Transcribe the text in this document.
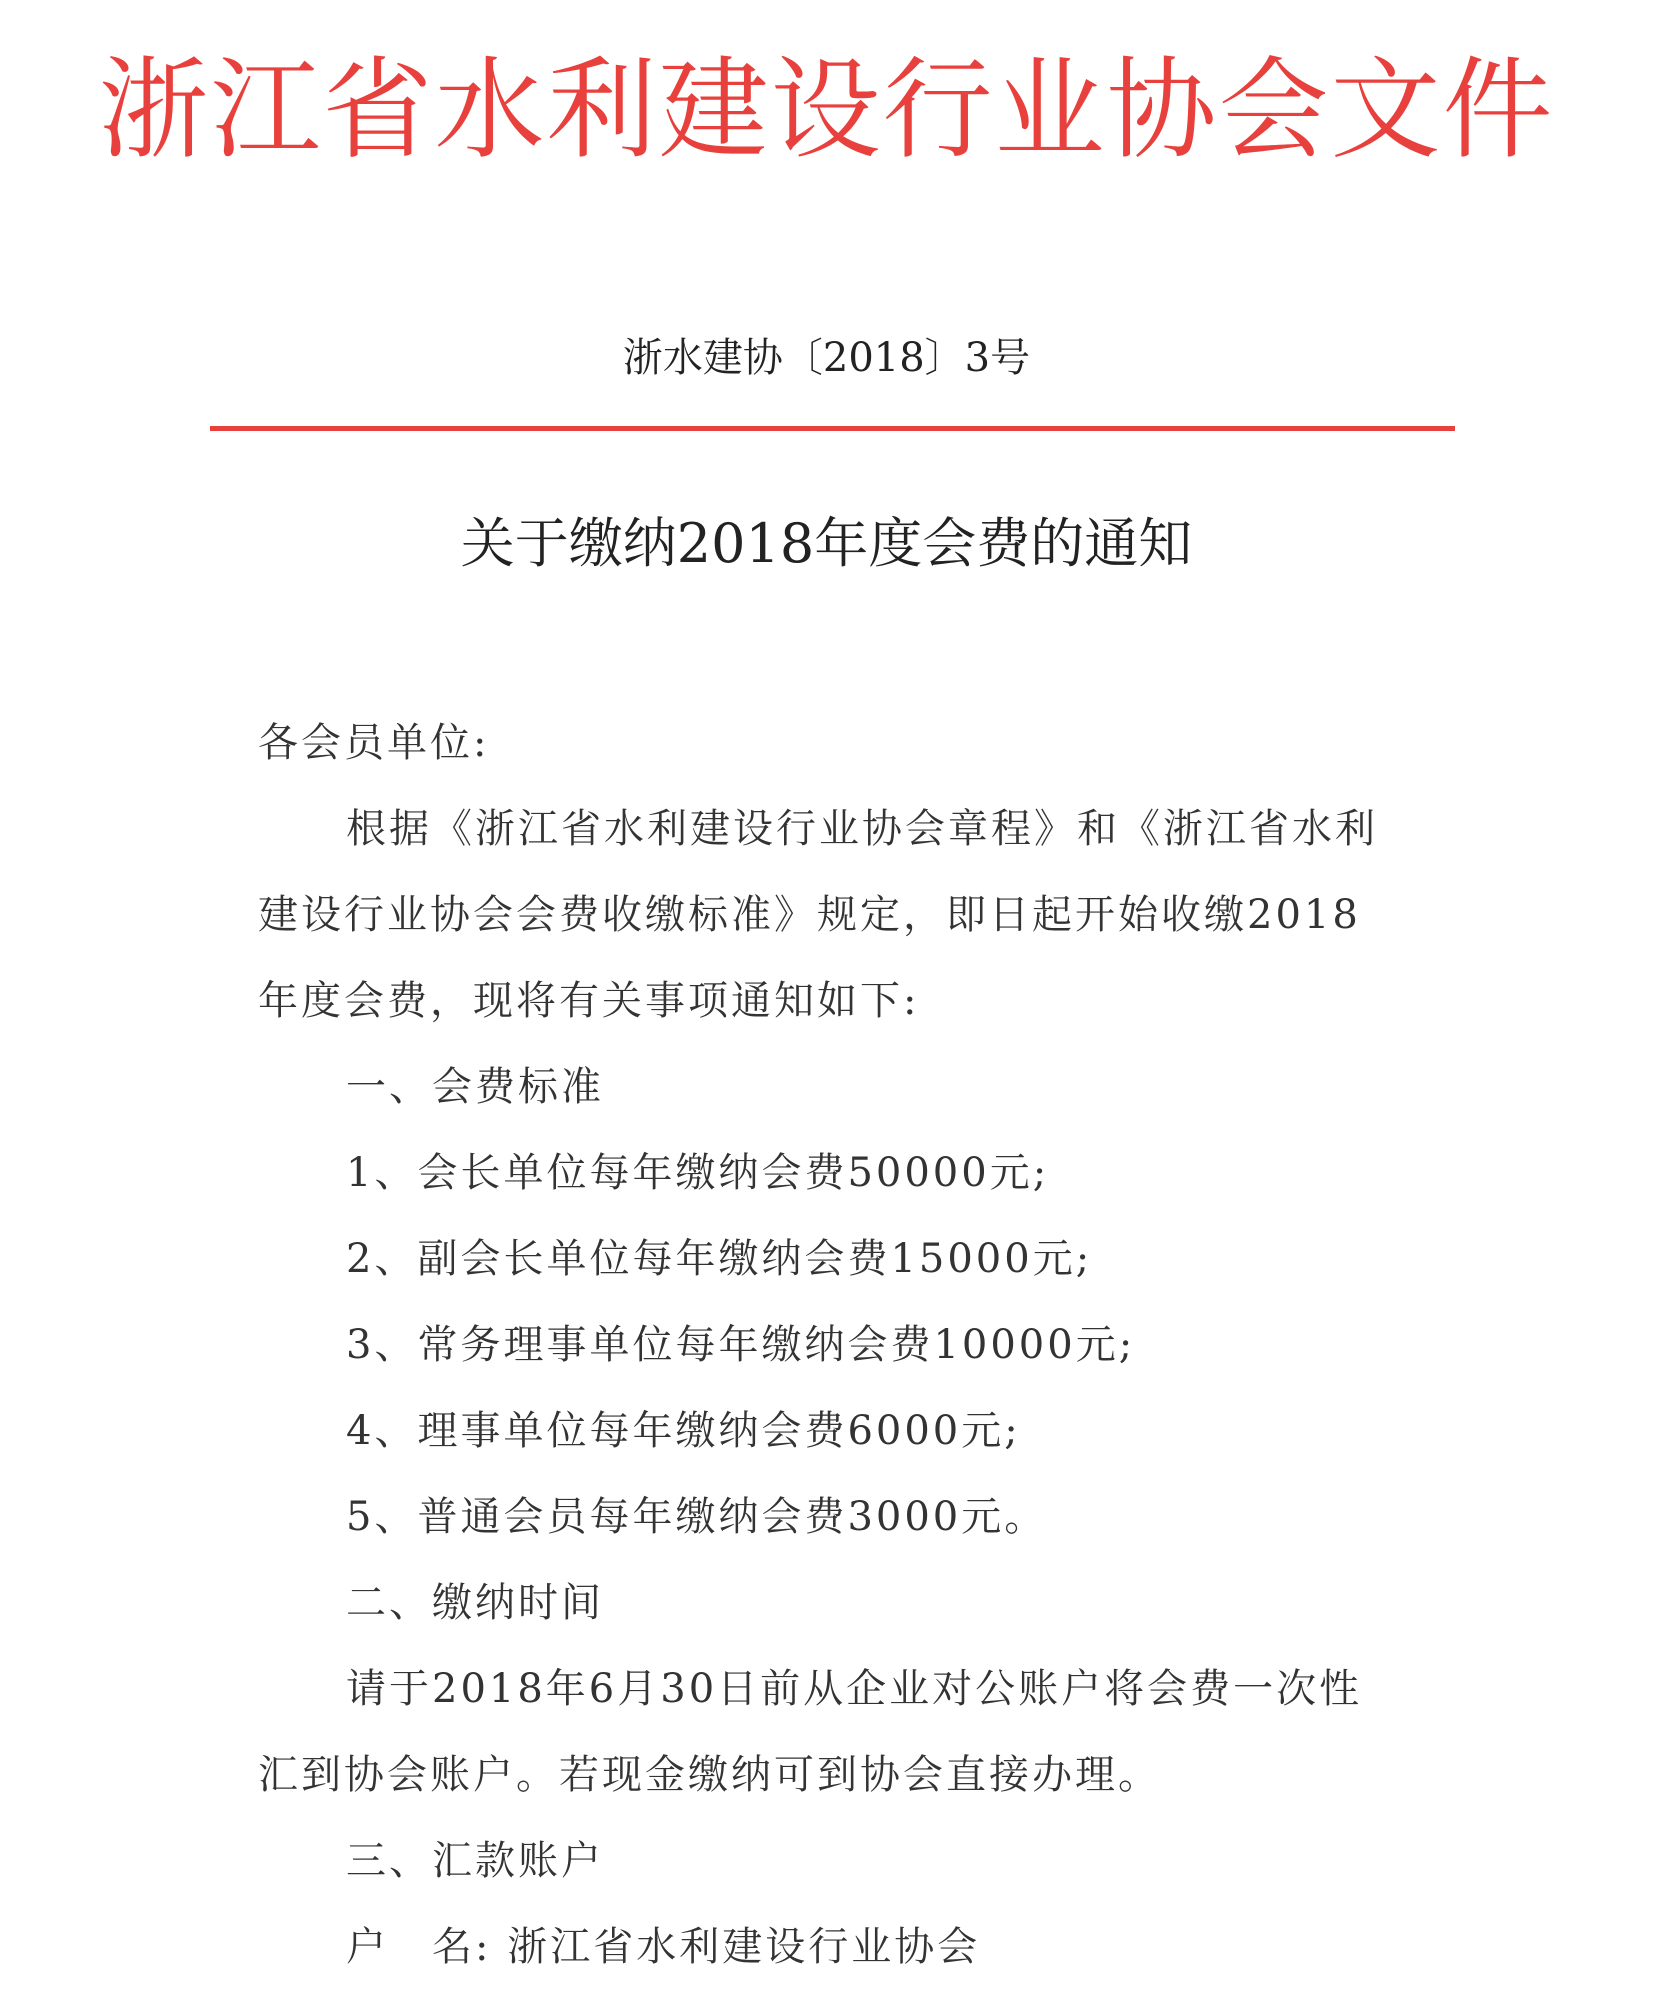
浙江省水利建设行业协会文件
浙水建协〔2018〕3号
关于缴纳2018年度会费的通知
各会员单位:
根据《浙江省水利建设行业协会章程》和《浙江省水利
建设行业协会会费收缴标准》规定，即日起开始收缴2018
年度会费，现将有关事项通知如下:
一、会费标准
1、会长单位每年缴纳会费50000元;
2、副会长单位每年缴纳会费15000元;
3、常务理事单位每年缴纳会费10000元;
4、理事单位每年缴纳会费6000元;
5、普通会员每年缴纳会费3000元。
二、缴纳时间
请于2018年6月30日前从企业对公账户将会费一次性
汇到协会账户。若现金缴纳可到协会直接办理。
三、汇款账户
户　名: 浙江省水利建设行业协会
